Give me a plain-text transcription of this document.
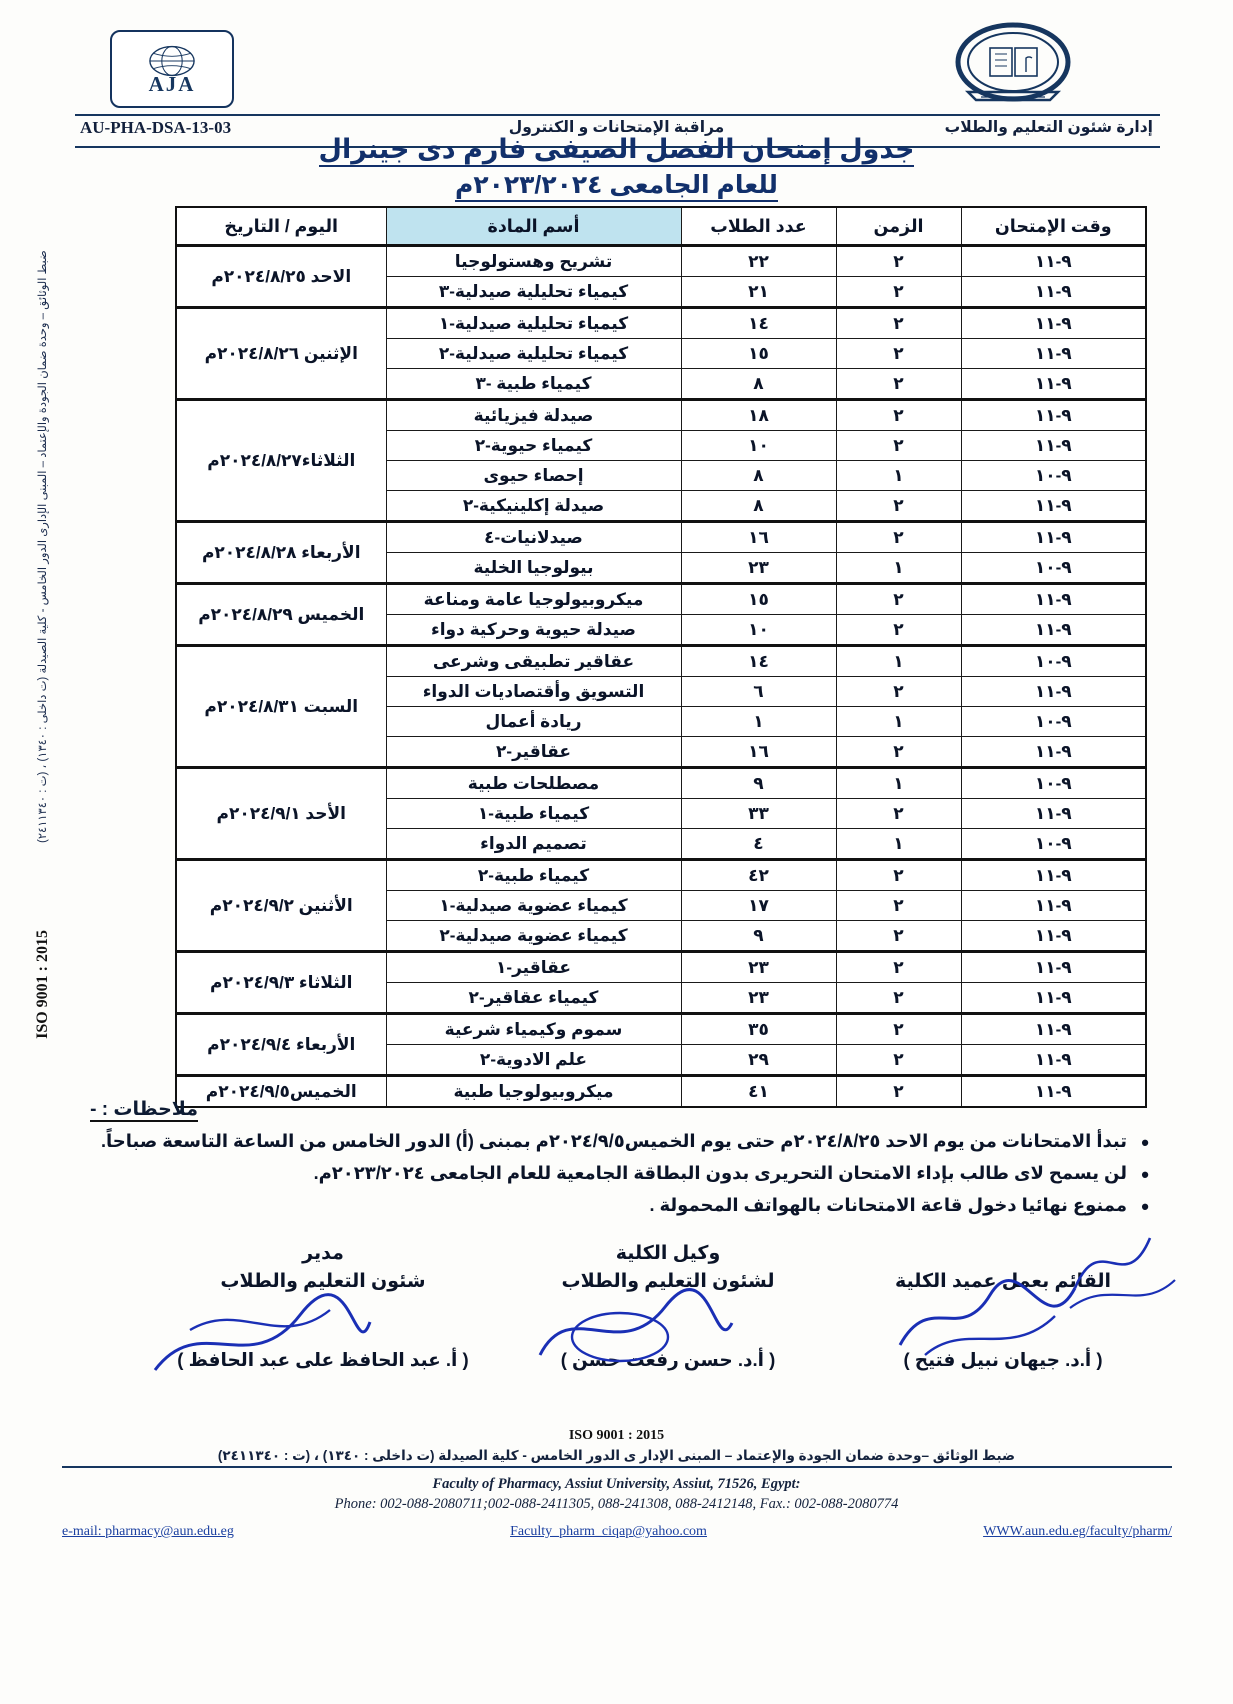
AJA
AU-PHA-DSA-13-03	مراقبة الإمتحانات و الكنترول	إدارة شئون التعليم والطلاب
جدول إمتحان الفصل الصيفى فارم دى جينرال
للعام الجامعى ٢٠٢٣/٢٠٢٤م
ضبط الوثائق – وحدة ضمان الجودة والإعتماد – المبنى الإدارى الدور الخامس - كلية الصيدلة (ت داخلى : ١٣٤٠) ، (ت : ٢٤١١٣٤٠)
ISO 9001 : 2015
وقت الإمتحان	الزمن	عدد الطلاب	أسم المادة	اليوم / التاريخ
٩-١١	٢	٢٢	تشريح وهستولوجيا	الاحد ٢٠٢٤/٨/٢٥م
٩-١١	٢	٢١	كيمياء تحليلية صيدلية-٣	
٩-١١	٢	١٤	كيمياء تحليلية صيدلية-١	الإثنين ٢٠٢٤/٨/٢٦م
٩-١١	٢	١٥	كيمياء تحليلية صيدلية-٢	
٩-١١	٢	٨	كيمياء طبية -٣	
٩-١١	٢	١٨	صيدلة فيزيائية	الثلاثاء٢٠٢٤/٨/٢٧م
٩-١١	٢	١٠	كيمياء حيوية-٢	
٩-١٠	١	٨	إحصاء حيوى	
٩-١١	٢	٨	صيدلة إكلينيكية-٢	
٩-١١	٢	١٦	صيدلانيات-٤	الأربعاء ٢٠٢٤/٨/٢٨م
٩-١٠	١	٢٣	بيولوجيا الخلية	
٩-١١	٢	١٥	ميكروبيولوجيا عامة ومناعة	الخميس ٢٠٢٤/٨/٢٩م
٩-١١	٢	١٠	صيدلة حيوية وحركية دواء	
٩-١٠	١	١٤	عقاقير تطبيقى وشرعى	السبت ٢٠٢٤/٨/٣١م
٩-١١	٢	٦	التسويق وأقتصاديات الدواء	
٩-١٠	١	١	ريادة أعمال	
٩-١١	٢	١٦	عقاقير-٢	
٩-١٠	١	٩	مصطلحات طبية	الأحد ٢٠٢٤/٩/١م
٩-١١	٢	٣٣	كيمياء طبية-١	
٩-١٠	١	٤	تصميم الدواء	
٩-١١	٢	٤٢	كيمياء طبية-٢	الأثنين ٢٠٢٤/٩/٢م
٩-١١	٢	١٧	كيمياء عضوية صيدلية-١	
٩-١١	٢	٩	كيمياء عضوية صيدلية-٢	
٩-١١	٢	٢٣	عقاقير-١	الثلاثاء ٢٠٢٤/٩/٣م
٩-١١	٢	٢٣	كيمياء عقاقير-٢	
٩-١١	٢	٣٥	سموم وكيمياء شرعية	الأربعاء ٢٠٢٤/٩/٤م
٩-١١	٢	٢٩	علم الادوية-٢	
٩-١١	٢	٤١	ميكروبيولوجيا طبية	الخميس٢٠٢٤/٩/٥م
ملاحظات : -
• تبدأ الامتحانات من يوم الاحد ٢٠٢٤/٨/٢٥م حتى يوم الخميس٢٠٢٤/٩/٥م بمبنى (أ) الدور الخامس من الساعة التاسعة صباحاً.
• لن يسمح لاى طالب بإداء الامتحان التحريرى بدون البطاقة الجامعية للعام الجامعى ٢٠٢٣/٢٠٢٤م.
• ممنوع نهائيا دخول قاعة الامتحانات بالهواتف المحمولة .
مدير
شئون التعليم والطلاب
( أ. عبد الحافظ على عبد الحافظ )
وكيل الكلية
لشئون التعليم والطلاب
( أ.د. حسن رفعت حسن )

القائم بعمل عميد الكلية
( أ.د. جيهان نبيل فتيح )
ISO 9001 : 2015
ضبط الوثائق –وحدة ضمان الجودة والإعتماد – المبنى الإدار ى الدور الخامس - كلية الصيدلة (ت داخلى : ١٣٤٠) ، (ت : ٢٤١١٣٤٠)
Faculty of Pharmacy, Assiut University, Assiut, 71526, Egypt:
Phone: 002-088-2080711;002-088-2411305, 088-241308, 088-2412148, Fax.: 002-088-2080774
e-mail: pharmacy@aun.edu.eg	Faculty_pharm_ciqap@yahoo.com	WWW.aun.edu.eg/faculty/pharm/
